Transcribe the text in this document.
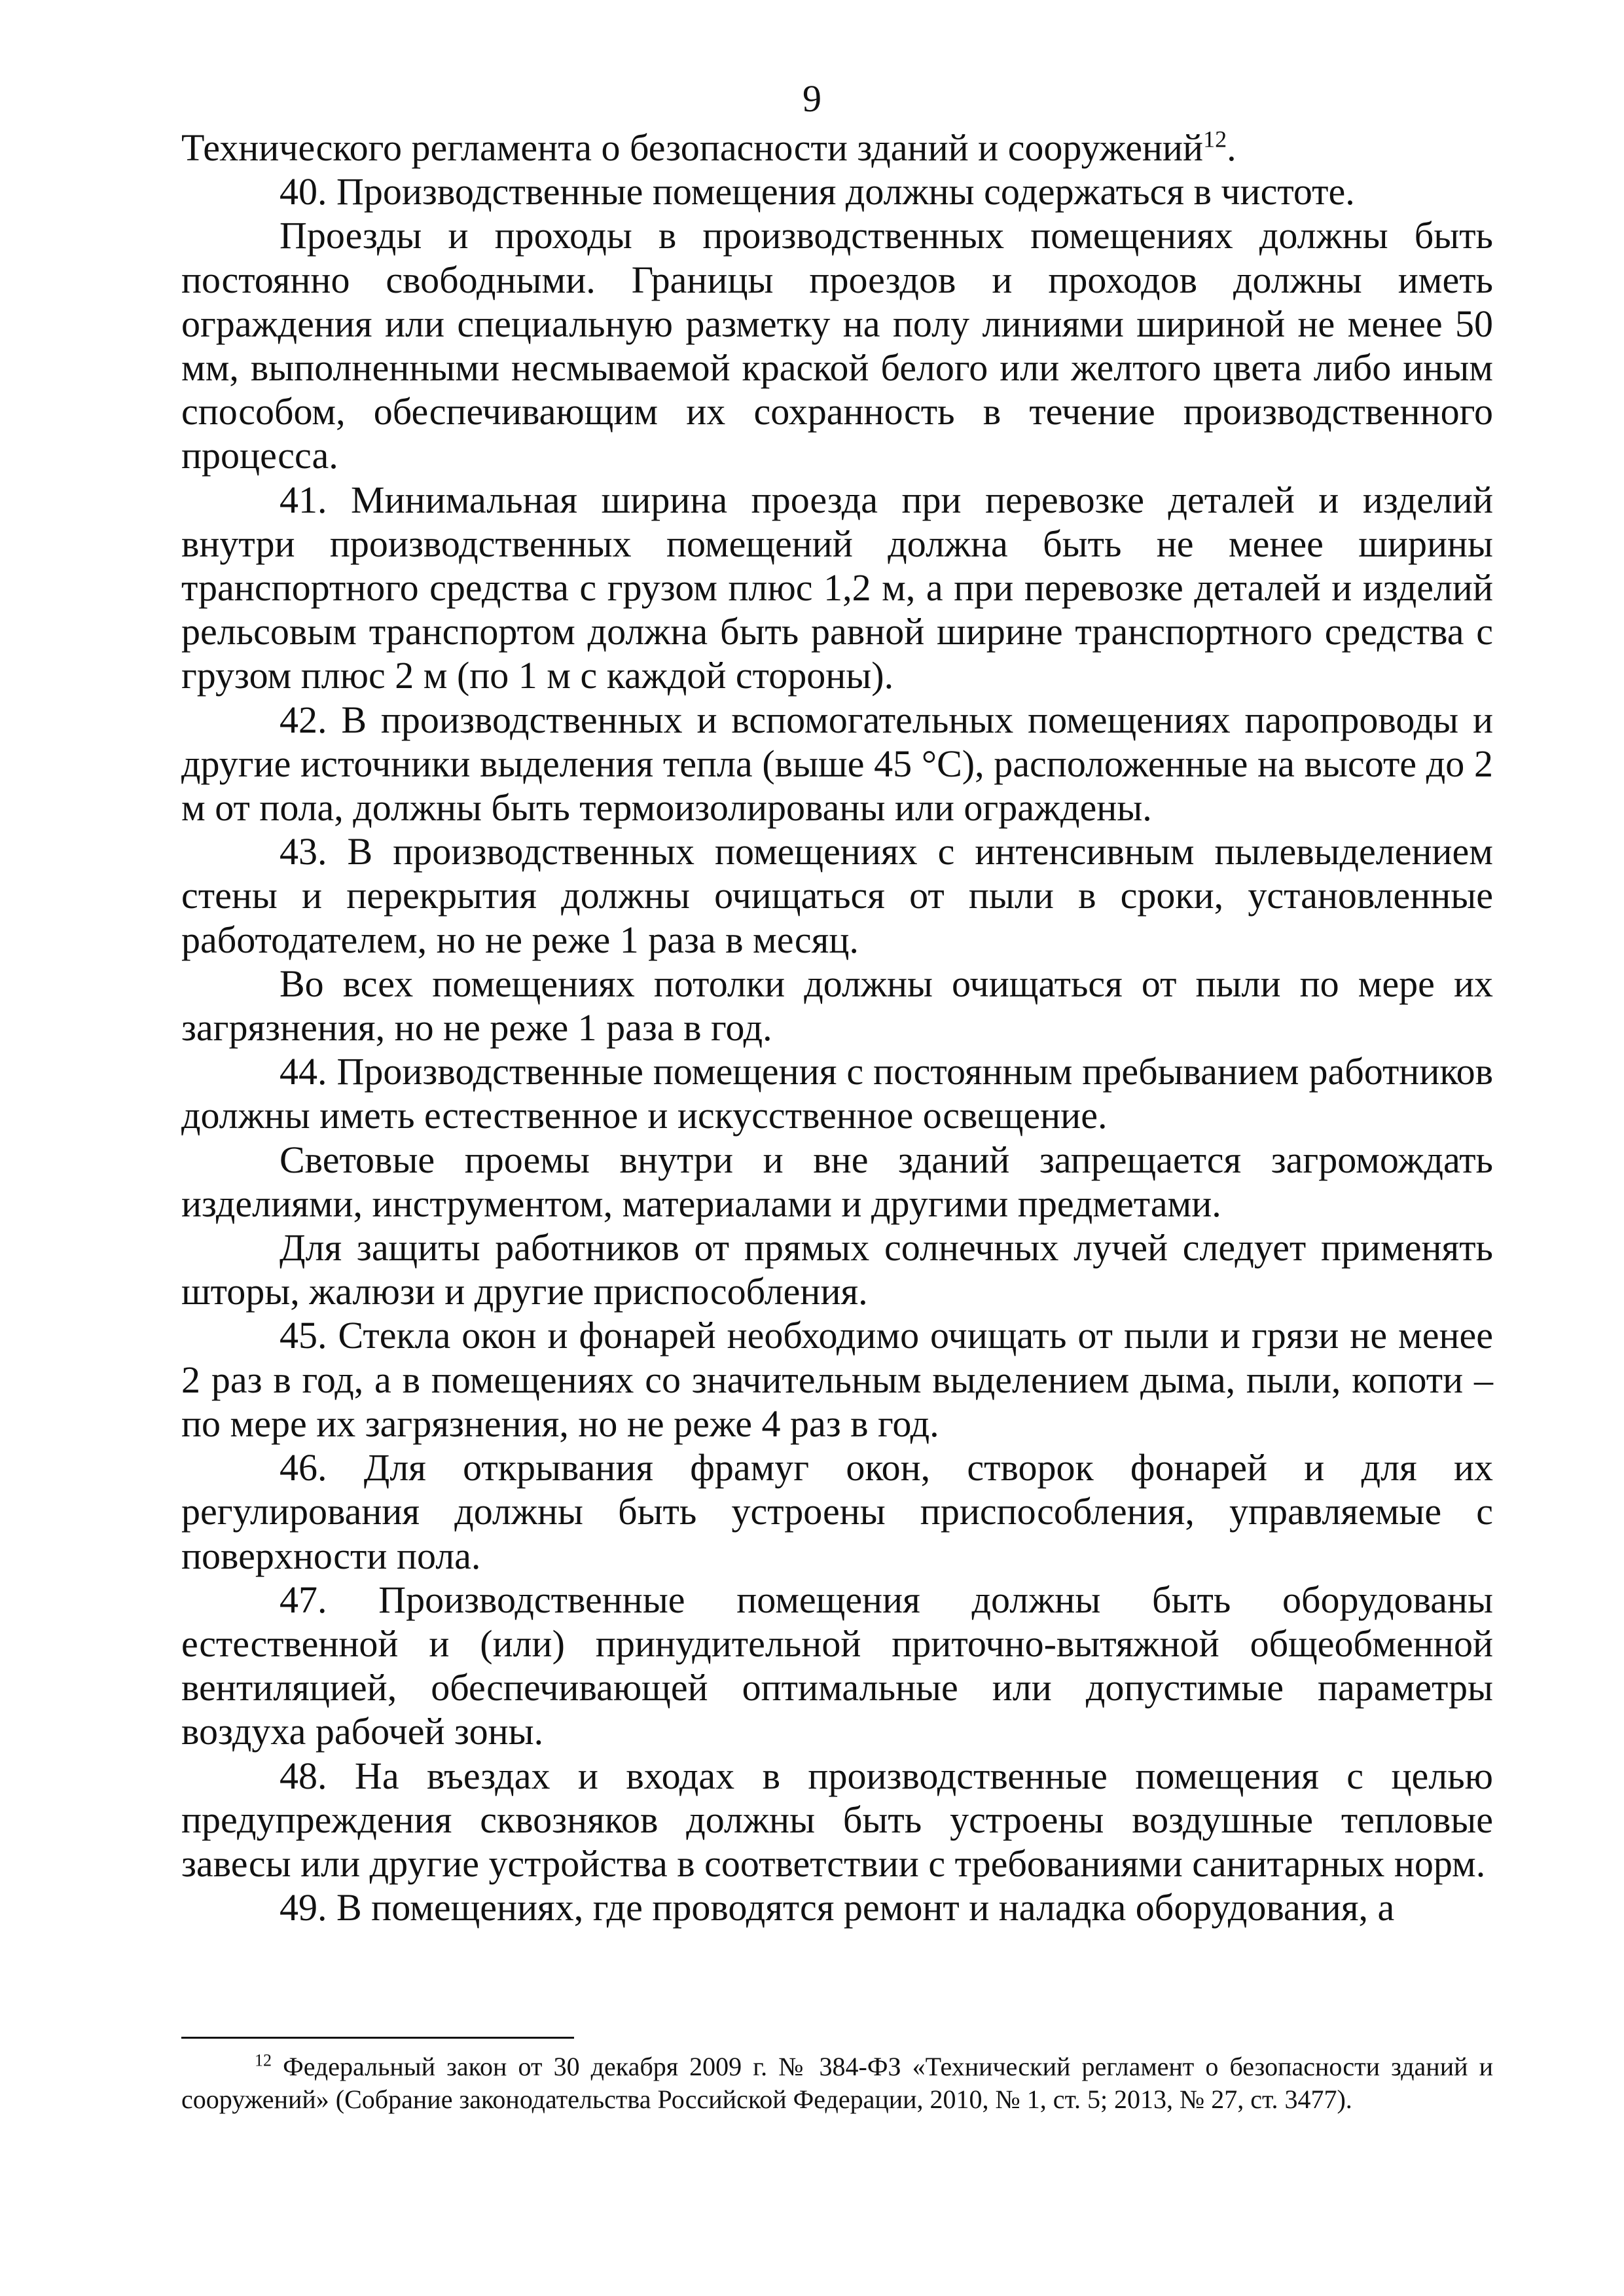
9

Технического регламента о безопасности зданий и сооружений$^{12}$.

40. Производственные помещения должны содержаться в чистоте.

Проезды и проходы в производственных помещениях должны быть постоянно свободными. Границы проездов и проходов должны иметь ограждения или специальную разметку на полу линиями шириной не менее 50 мм, выполненными несмываемой краской белого или желтого цвета либо иным способом, обеспечивающим их сохранность в течение производственного процесса.

41. Минимальная ширина проезда при перевозке деталей и изделий внутри производственных помещений должна быть не менее ширины транспортного средства с грузом плюс 1,2 м, а при перевозке деталей и изделий рельсовым транспортом должна быть равной ширине транспортного средства с грузом плюс 2 м (по 1 м с каждой стороны).

42. В производственных и вспомогательных помещениях паропроводы и другие источники выделения тепла (выше 45 °С), расположенные на высоте до 2 м от пола, должны быть термоизолированы или ограждены.

43. В производственных помещениях с интенсивным пылевыделением стены и перекрытия должны очищаться от пыли в сроки, установленные работодателем, но не реже 1 раза в месяц.

Во всех помещениях потолки должны очищаться от пыли по мере их загрязнения, но не реже 1 раза в год.

44. Производственные помещения с постоянным пребыванием работников должны иметь естественное и искусственное освещение.

Световые проемы внутри и вне зданий запрещается загромождать изделиями, инструментом, материалами и другими предметами.

Для защиты работников от прямых солнечных лучей следует применять шторы, жалюзи и другие приспособления.

45. Стекла окон и фонарей необходимо очищать от пыли и грязи не менее 2 раз в год, а в помещениях со значительным выделением дыма, пыли, копоти – по мере их загрязнения, но не реже 4 раз в год.

46. Для открывания фрамуг окон, створок фонарей и для их регулирования должны быть устроены приспособления, управляемые с поверхности пола.

47. Производственные помещения должны быть оборудованы естественной и (или) принудительной приточно-вытяжной общеобменной вентиляцией, обеспечивающей оптимальные или допустимые параметры воздуха рабочей зоны.

48. На въездах и входах в производственные помещения с целью предупреждения сквозняков должны быть устроены воздушные тепловые завесы или другие устройства в соответствии с требованиями санитарных норм.

49. В помещениях, где проводятся ремонт и наладка оборудования, а

$^{12}$ Федеральный закон от 30 декабря 2009 г. № 384-ФЗ «Технический регламент о безопасности зданий и сооружений» (Собрание законодательства Российской Федерации, 2010, № 1, ст. 5; 2013, № 27, ст. 3477).
